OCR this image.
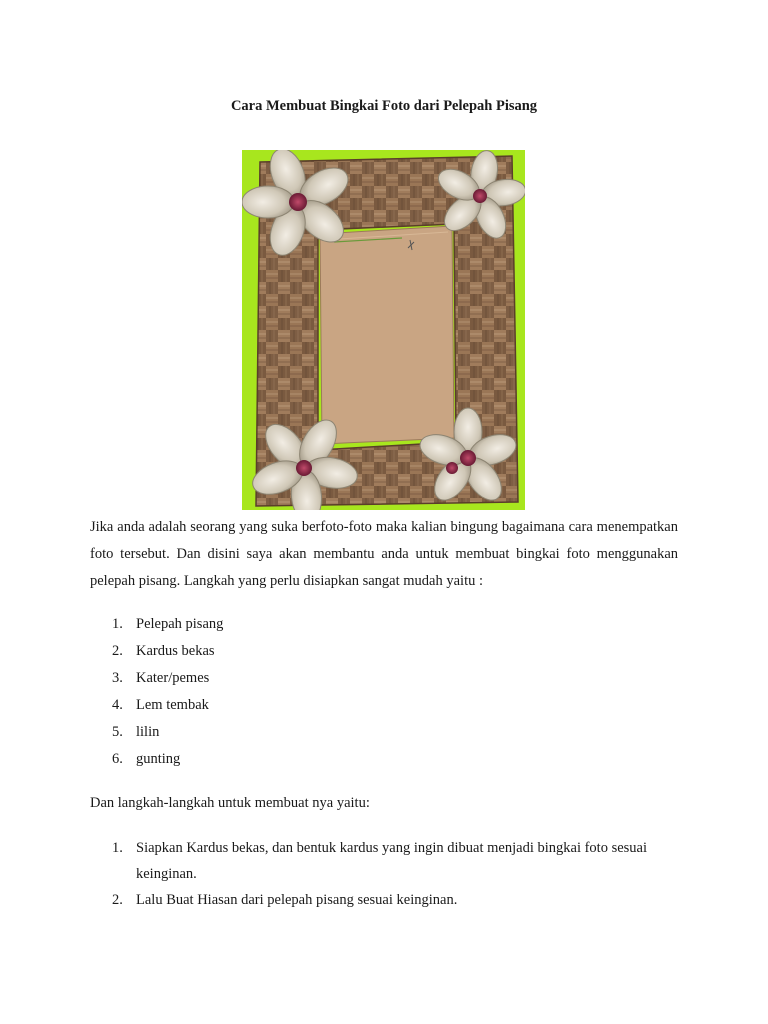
Cara Membuat Bingkai Foto dari Pelepah Pisang

Jika anda adalah seorang yang suka berfoto-foto maka kalian bingung bagaimana cara menempatkan foto tersebut. Dan disini saya akan membantu anda untuk membuat bingkai foto menggunakan pelepah pisang. Langkah yang perlu disiapkan sangat mudah yaitu :

1. Pelepah pisang
2. Kardus bekas
3. Kater/pemes
4. Lem tembak
5. lilin
6. gunting

Dan langkah-langkah untuk membuat nya yaitu:

1. Siapkan Kardus bekas, dan bentuk kardus yang ingin dibuat menjadi bingkai foto sesuai keinginan.
2. Lalu Buat Hiasan dari pelepah pisang sesuai keinginan.
